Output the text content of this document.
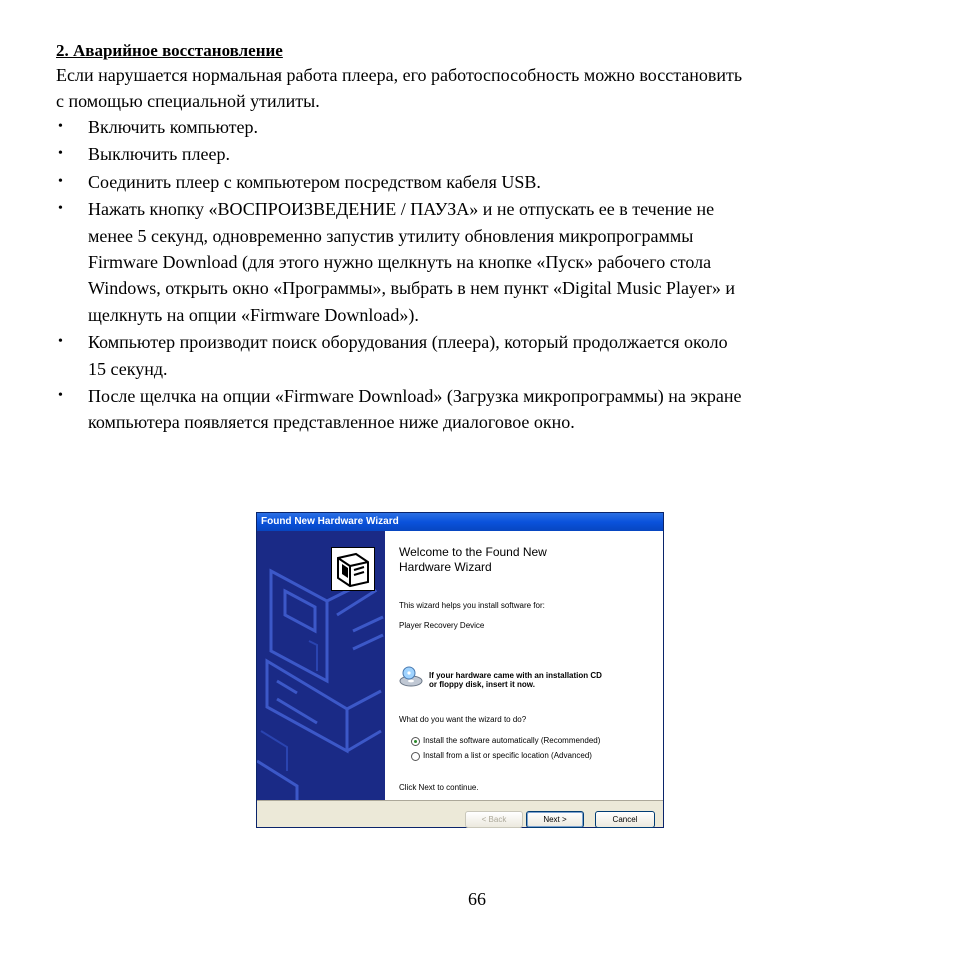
2. Аварийное восстановление

Если нарушается нормальная работа плеера, его работоспособность можно восстановить
с помощью специальной утилиты.

• Включить компьютер.
• Выключить плеер.
• Соединить плеер с компьютером посредством кабеля USB.
• Нажать кнопку «ВОСПРОИЗВЕДЕНИЕ / ПАУЗА» и не отпускать ее в течение не
менее 5 секунд, одновременно запустив утилиту обновления микропрограммы
Firmware Download (для этого нужно щелкнуть на кнопке «Пуск» рабочего стола
Windows, открыть окно «Программы», выбрать в нем пункт «Digital Music Player» и
щелкнуть на опции «Firmware Download»).
• Компьютер производит поиск оборудования (плеера), который продолжается около
15 секунд.
• После щелчка на опции «Firmware Download» (Загрузка микропрограммы) на экране
компьютера появляется представленное ниже диалоговое окно.
Found New Hardware Wizard
Welcome to the Found New
Hardware Wizard
This wizard helps you install software for:
Player Recovery Device
If your hardware came with an installation CD
or floppy disk, insert it now.
What do you want the wizard to do?
Install the software automatically (Recommended)
Install from a list or specific location (Advanced)
Click Next to continue.
< Back	Next >	Cancel
66
